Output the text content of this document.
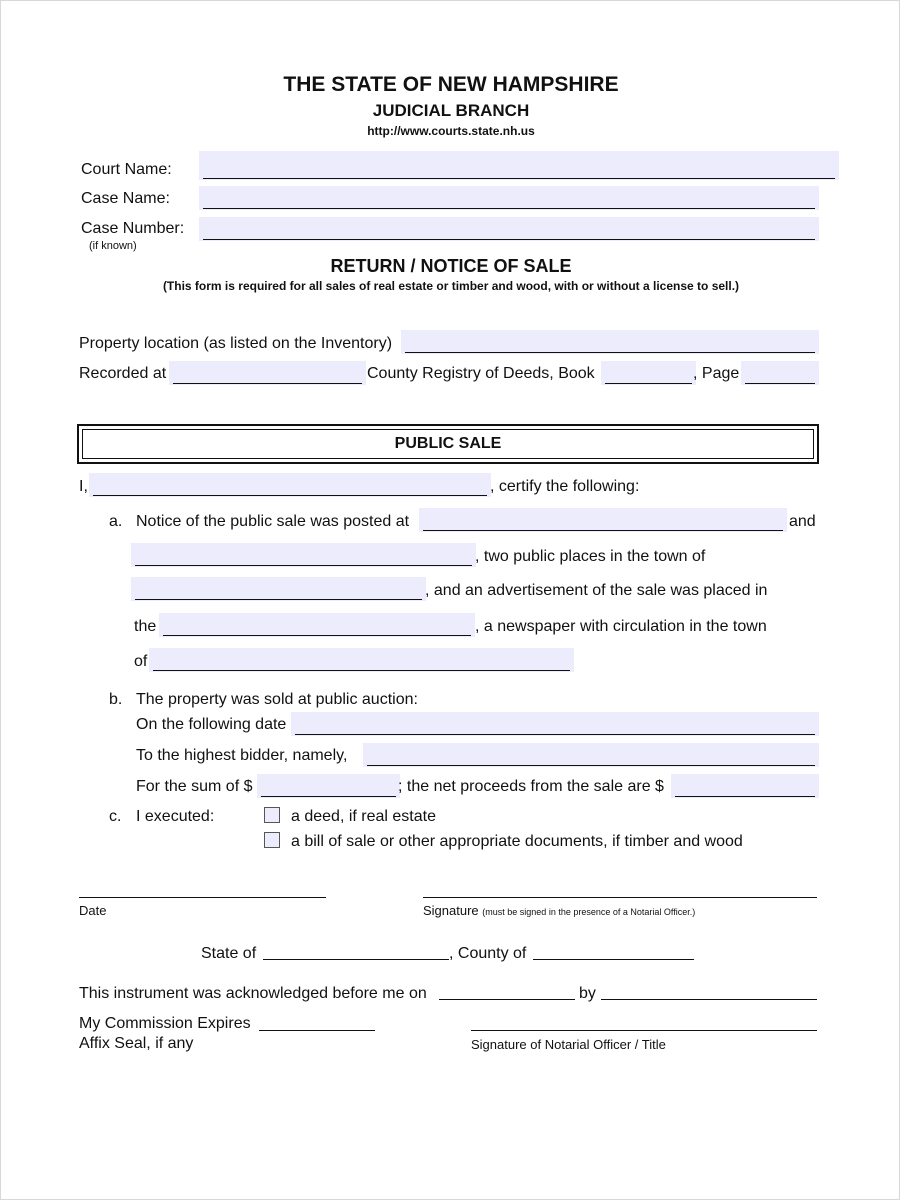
THE STATE OF NEW HAMPSHIRE
JUDICIAL BRANCH
http://www.courts.state.nh.us
Court Name:
Case Name:
Case Number:
(if known)
RETURN / NOTICE OF SALE
(This form is required for all sales of real estate or timber and wood, with or without a license to sell.)
Property location (as listed on the Inventory)
Recorded at	County Registry of Deeds, Book	, Page
PUBLIC SALE
I,	, certify the following:
a. Notice of the public sale was posted at	and
, two public places in the town of
, and an advertisement of the sale was placed in
the	, a newspaper with circulation in the town
of
b. The property was sold at public auction:
On the following date
To the highest bidder, namely,
For the sum of $	; the net proceeds from the sale are $
c. I executed:	a deed, if real estate
a bill of sale or other appropriate documents, if timber and wood
Date	Signature (must be signed in the presence of a Notarial Officer.)
State of	, County of
This instrument was acknowledged before me on	by
My Commission Expires
Affix Seal, if any	Signature of Notarial Officer / Title
